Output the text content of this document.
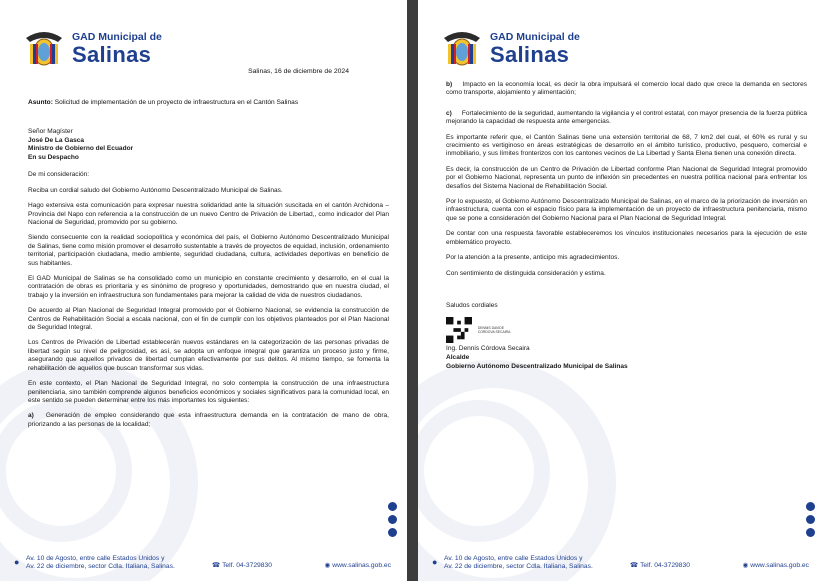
GAD Municipal de
Salinas
Salinas, 16 de diciembre de 2024
Asunto: Solicitud de implementación de un proyecto de infraestructura en el Cantón Salinas
Señor Magíster
José De La Gasca
Ministro de Gobierno del Ecuador
En su Despacho

De mi consideración:

Reciba un cordial saludo del Gobierno Autónomo Descentralizado Municipal de Salinas.

Hago extensiva esta comunicación para expresar nuestra solidaridad ante la situación suscitada en el cantón Archidona – Provincia del Napo con referencia a la construcción de un nuevo Centro de Privación de Libertad,, como indicador del Plan Nacional de Seguridad, promovido por su gobierno.

Siendo consecuente con la realidad sociopolítica y económica del país, el Gobierno Autónomo Descentralizado Municipal de Salinas, tiene como misión promover el desarrollo sustentable a través de proyectos de equidad, inclusión, ordenamiento territorial, participación ciudadana, medio ambiente, seguridad ciudadana, cultura, actividades deportivas en beneficio de sus habitantes.

El GAD Municipal de Salinas se ha consolidado como un municipio en constante crecimiento y desarrollo, en el cual la contratación de obras es prioritaria y es sinónimo de progreso y oportunidades, demostrando que en nuestra ciudad, el trabajo y la inversión en infraestructura son fundamentales para mejorar la calidad de vida de nuestros ciudadanos.

De acuerdo al Plan Nacional de Seguridad Integral promovido por el Gobierno Nacional, se evidencia la construcción de Centros de Rehabilitación Social a escala nacional, con el fin de cumplir con los objetivos planteados por el Plan Nacional de Seguridad Integral.

Los Centros de Privación de Libertad establecerán nuevos estándares en la categorización de las personas privadas de libertad según su nivel de peligrosidad, es así, se adopta un enfoque integral que garantiza un proceso justo y firme, asegurando que aquellos privados de libertad cumplan efectivamente por sus delitos. Al mismo tiempo, se fomenta la rehabilitación de aquellos que buscan transformar sus vidas.

En este contexto, el Plan Nacional de Seguridad Integral, no solo contempla la construcción de una infraestructura penitenciaria, sino también comprende algunos beneficios económicos y sociales significativos para la comunidad local, en este sentido se pueden determinar entre los más importantes los siguientes:

a) Generación de empleo considerando que esta infraestructura demanda en la contratación de mano de obra, priorizando a las personas de la localidad;

● Av. 10 de Agosto, entre calle Estados Unidos y
Av. 22 de diciembre, sector Cdla. Italiana, Salinas.	☎ Telf. 04-3729830	◉ www.salinas.gob.ec
GAD Municipal de
Salinas

b) Impacto en la economía local, es decir la obra impulsará el comercio local dado que crece la demanda en sectores como transporte, alojamiento y alimentación;

c) Fortalecimiento de la seguridad, aumentando la vigilancia y el control estatal, con mayor presencia de la fuerza pública mejorando la capacidad de respuesta ante emergencias.

Es importante referir que, el Cantón Salinas tiene una extensión territorial de 68, 7 km2 del cual, el 60% es rural y su crecimiento es vertiginoso en áreas estratégicas de desarrollo en el ámbito turístico, productivo, pesquero, comercial e inmobiliario, y sus límites fronterizos con los cantones vecinos de La Libertad y Santa Elena tienen una conexión directa.

Es decir, la construcción de un Centro de Privación de Libertad conforme Plan Nacional de Seguridad Integral promovido por el Gobierno Nacional, representa un punto de inflexión sin precedentes en nuestra política nacional para enfrentar los desafíos del Sistema Nacional de Rehabilitación Social.

Por lo expuesto, el Gobierno Autónomo Descentralizado Municipal de Salinas, en el marco de la priorización de inversión en infraestructura, cuenta con el espacio físico para la implementación de un proyecto de infraestructura penitenciaria, mismo que se pone a consideración del Gobierno Nacional para el Plan Nacional de Seguridad Integral.

De contar con una respuesta favorable estableceremos los vínculos institucionales necesarios para la ejecución de este emblemático proyecto.

Por la atención a la presente, anticipo mis agradecimientos.

Con sentimiento de distinguida consideración y estima.

Saludos cordiales

DENNIS DAVIDE
CORDOVA SECAIRA
Ing. Dennis Córdova Secaira
Alcalde
Gobierno Autónomo Descentralizado Municipal de Salinas
● Av. 10 de Agosto, entre calle Estados Unidos y
Av. 22 de diciembre, sector Cdla. Italiana, Salinas.	☎ Telf. 04-3729830	◉ www.salinas.gob.ec
